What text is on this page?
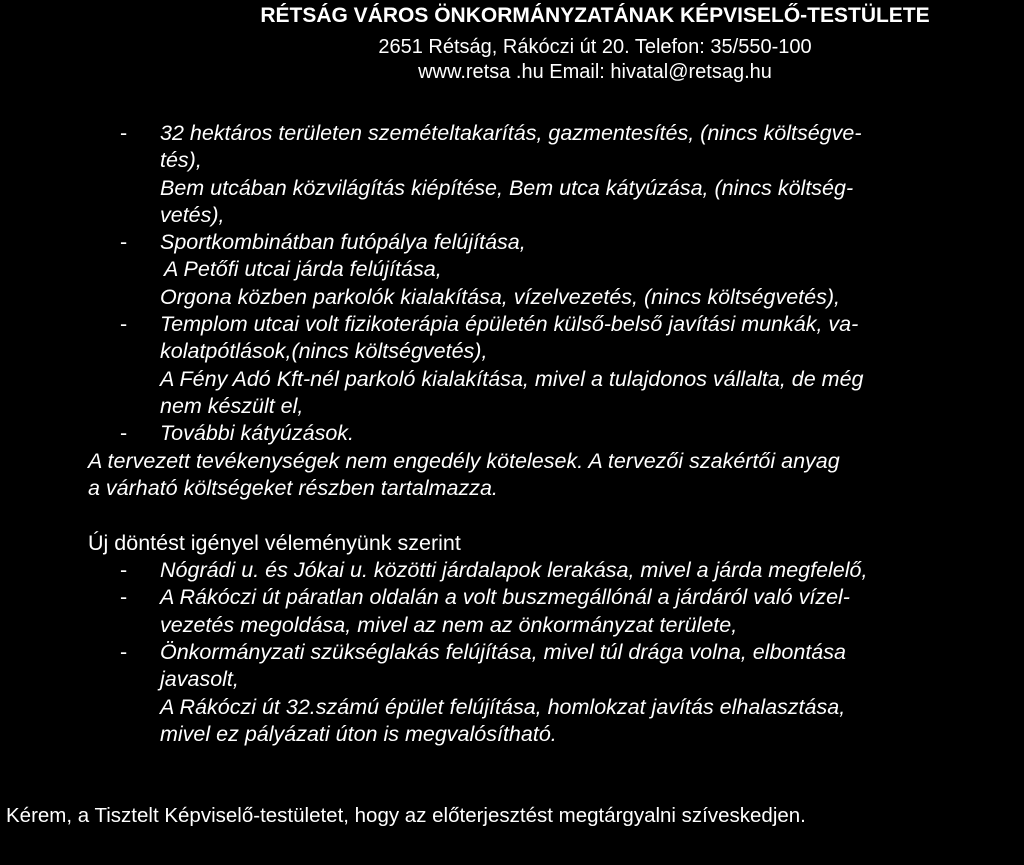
RÉTSÁG VÁROS ÖNKORMÁNYZATÁNAK KÉPVISELŐ-TESTÜLETE
2651 Rétság, Rákóczi út 20. Telefon: 35/550-100
www.retsa .hu Email: hivatal@retsag.hu
- 32 hektáros területen szemételtakarítás, gazmentesítés, (nincs költségve-
tés),
Bem utcában közvilágítás kiépítése, Bem utca kátyúzása, (nincs költség-
vetés),
- Sportkombinátban futópálya felújítása,
A Petőfi utcai járda felújítása,
Orgona közben parkolók kialakítása, vízelvezetés, (nincs költségvetés),
- Templom utcai volt fizikoterápia épületén külső-belső javítási munkák, va-
kolatpótlások,(nincs költségvetés),
A Fény Adó Kft-nél parkoló kialakítása, mivel a tulajdonos vállalta, de még
nem készült el,
- További kátyúzások.
A tervezett tevékenységek nem engedély kötelesek. A tervezői szakértői anyag
a várható költségeket részben tartalmazza.
Új döntést igényel véleményünk szerint
- Nógrádi u. és Jókai u. közötti járdalapok lerakása, mivel a járda megfelelő,
- A Rákóczi út páratlan oldalán a volt buszmegállónál a járdáról való vízel-
vezetés megoldása, mivel az nem az önkormányzat területe,
- Önkormányzati szükséglakás felújítása, mivel túl drága volna, elbontása
javasolt,
A Rákóczi út 32.számú épület felújítása, homlokzat javítás elhalasztása,
mivel ez pályázati úton is megvalósítható.
Kérem, a Tisztelt Képviselő-testületet, hogy az előterjesztést megtárgyalni szíveskedjen.
